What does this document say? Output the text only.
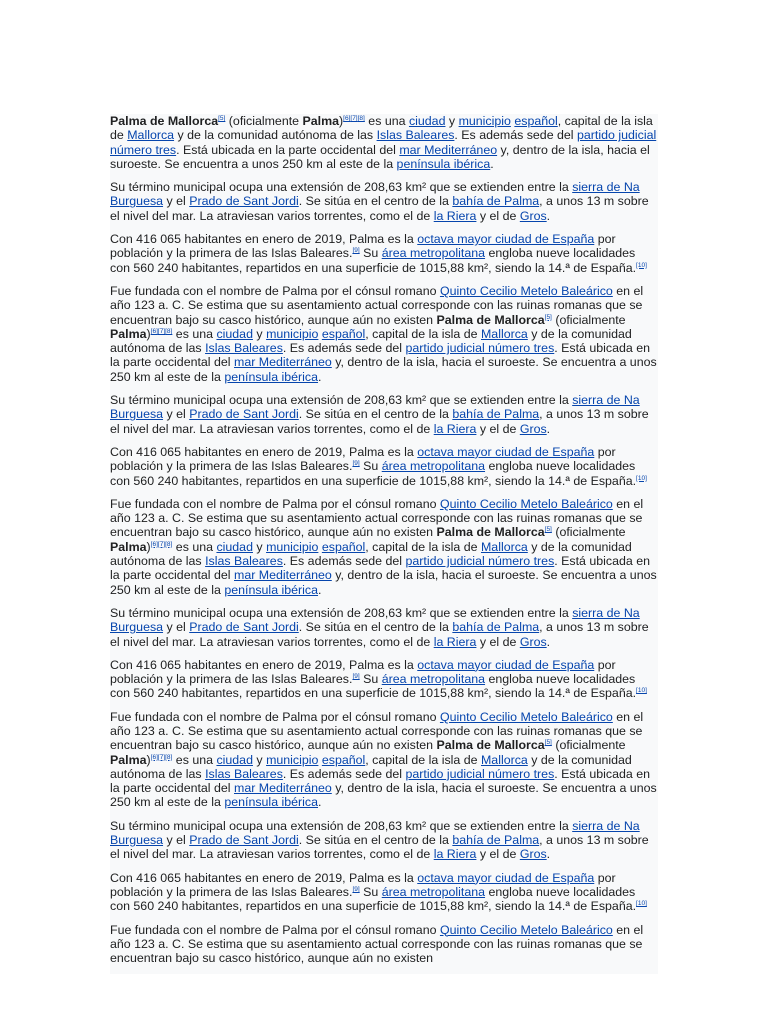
Palma de Mallorca[5] (oficialmente Palma)[6][7][8] es una ciudad y municipio español, capital de la isla de Mallorca y de la comunidad autónoma de las Islas Baleares. Es además sede del partido judicial número tres. Está ubicada en la parte occidental del mar Mediterráneo y, dentro de la isla, hacia el suroeste. Se encuentra a unos 250 km al este de la península ibérica.

Su término municipal ocupa una extensión de 208,63 km² que se extienden entre la sierra de Na Burguesa y el Prado de Sant Jordi. Se sitúa en el centro de la bahía de Palma, a unos 13 m sobre el nivel del mar. La atraviesan varios torrentes, como el de la Riera y el de Gros.

Con 416 065 habitantes en enero de 2019, Palma es la octava mayor ciudad de España por población y la primera de las Islas Baleares.[9] Su área metropolitana engloba nueve localidades con 560 240 habitantes, repartidos en una superficie de 1015,88 km², siendo la 14.ª de España.[10]

Fue fundada con el nombre de Palma por el cónsul romano Quinto Cecilio Metelo Baleárico en el año 123 a. C. Se estima que su asentamiento actual corresponde con las ruinas romanas que se encuentran bajo su casco histórico, aunque aún no existen Palma de Mallorca[5] (oficialmente Palma)[6][7][8] es una ciudad y municipio español, capital de la isla de Mallorca y de la comunidad autónoma de las Islas Baleares. Es además sede del partido judicial número tres. Está ubicada en la parte occidental del mar Mediterráneo y, dentro de la isla, hacia el suroeste. Se encuentra a unos 250 km al este de la península ibérica.

Su término municipal ocupa una extensión de 208,63 km² que se extienden entre la sierra de Na Burguesa y el Prado de Sant Jordi. Se sitúa en el centro de la bahía de Palma, a unos 13 m sobre el nivel del mar. La atraviesan varios torrentes, como el de la Riera y el de Gros.

Con 416 065 habitantes en enero de 2019, Palma es la octava mayor ciudad de España por población y la primera de las Islas Baleares.[9] Su área metropolitana engloba nueve localidades con 560 240 habitantes, repartidos en una superficie de 1015,88 km², siendo la 14.ª de España.[10]

Fue fundada con el nombre de Palma por el cónsul romano Quinto Cecilio Metelo Baleárico en el año 123 a. C. Se estima que su asentamiento actual corresponde con las ruinas romanas que se encuentran bajo su casco histórico, aunque aún no existen Palma de Mallorca[5] (oficialmente Palma)[6][7][8] es una ciudad y municipio español, capital de la isla de Mallorca y de la comunidad autónoma de las Islas Baleares. Es además sede del partido judicial número tres. Está ubicada en la parte occidental del mar Mediterráneo y, dentro de la isla, hacia el suroeste. Se encuentra a unos 250 km al este de la península ibérica.

Su término municipal ocupa una extensión de 208,63 km² que se extienden entre la sierra de Na Burguesa y el Prado de Sant Jordi. Se sitúa en el centro de la bahía de Palma, a unos 13 m sobre el nivel del mar. La atraviesan varios torrentes, como el de la Riera y el de Gros.

Con 416 065 habitantes en enero de 2019, Palma es la octava mayor ciudad de España por población y la primera de las Islas Baleares.[9] Su área metropolitana engloba nueve localidades con 560 240 habitantes, repartidos en una superficie de 1015,88 km², siendo la 14.ª de España.[10]

Fue fundada con el nombre de Palma por el cónsul romano Quinto Cecilio Metelo Baleárico en el año 123 a. C. Se estima que su asentamiento actual corresponde con las ruinas romanas que se encuentran bajo su casco histórico, aunque aún no existen Palma de Mallorca[5] (oficialmente Palma)[6][7][8] es una ciudad y municipio español, capital de la isla de Mallorca y de la comunidad autónoma de las Islas Baleares. Es además sede del partido judicial número tres. Está ubicada en la parte occidental del mar Mediterráneo y, dentro de la isla, hacia el suroeste. Se encuentra a unos 250 km al este de la península ibérica.

Su término municipal ocupa una extensión de 208,63 km² que se extienden entre la sierra de Na Burguesa y el Prado de Sant Jordi. Se sitúa en el centro de la bahía de Palma, a unos 13 m sobre el nivel del mar. La atraviesan varios torrentes, como el de la Riera y el de Gros.

Con 416 065 habitantes en enero de 2019, Palma es la octava mayor ciudad de España por población y la primera de las Islas Baleares.[9] Su área metropolitana engloba nueve localidades con 560 240 habitantes, repartidos en una superficie de 1015,88 km², siendo la 14.ª de España.[10]

Fue fundada con el nombre de Palma por el cónsul romano Quinto Cecilio Metelo Baleárico en el año 123 a. C. Se estima que su asentamiento actual corresponde con las ruinas romanas que se encuentran bajo su casco histórico, aunque aún no existen
